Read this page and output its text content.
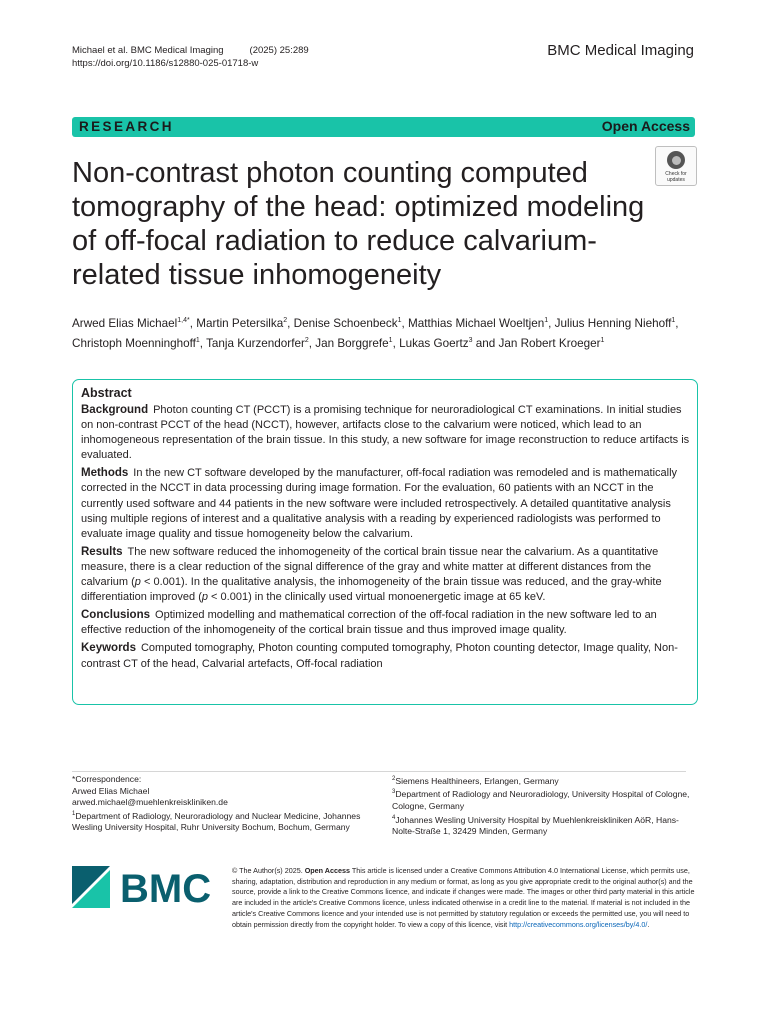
Michael et al. BMC Medical Imaging	(2025) 25:289
https://doi.org/10.1186/s12880-025-01718-w
BMC Medical Imaging
RESEARCH	Open Access
Check for
updates
Non-contrast photon counting computed tomography of the head: optimized modeling of off-focal radiation to reduce calvarium-related tissue inhomogeneity
Arwed Elias Michael$^{1,4*}$, Martin Petersilka$^2$, Denise Schoenbeck$^1$, Matthias Michael Woeltjen$^1$, Julius Henning Niehoff$^1$, Christoph Moenninghoff$^1$, Tanja Kurzendorfer$^2$, Jan Borggrefe$^1$, Lukas Goertz$^3$ and Jan Robert Kroeger$^1$
Abstract

Background Photon counting CT (PCCT) is a promising technique for neuroradiological CT examinations. In initial studies on non-contrast PCCT of the head (NCCT), however, artifacts close to the calvarium were noticed, which lead to an inhomogeneous representation of the brain tissue. In this study, a new software for image reconstruction to reduce artifacts is evaluated.

Methods In the new CT software developed by the manufacturer, off-focal radiation was remodeled and is mathematically corrected in the NCCT in data processing during image formation. For the evaluation, 60 patients with an NCCT in the currently used software and 44 patients in the new software were included retrospectively. A detailed quantitative analysis using multiple regions of interest and a qualitative analysis with a reading by experienced radiologists was performed to evaluate image quality and tissue homogeneity below the calvarium.

Results The new software reduced the inhomogeneity of the cortical brain tissue near the calvarium. As a quantitative measure, there is a clear reduction of the signal difference of the gray and white matter at different distances from the calvarium (p < 0.001). In the qualitative analysis, the inhomogeneity of the brain tissue was reduced, and the gray-white differentiation improved (p < 0.001) in the clinically used virtual monoenergetic image at 65 keV.

Conclusions Optimized modelling and mathematical correction of the off-focal radiation in the new software led to an effective reduction of the inhomogeneity of the cortical brain tissue and thus improved image quality.

Keywords Computed tomography, Photon counting computed tomography, Photon counting detector, Image quality, Non-contrast CT of the head, Calvarial artefacts, Off-focal radiation

*Correspondence:
Arwed Elias Michael
arwed.michael@muehlenkreiskliniken.de
$^1$Department of Radiology, Neuroradiology and Nuclear Medicine, Johannes Wesling University Hospital, Ruhr University Bochum, Bochum, Germany
$^2$Siemens Healthineers, Erlangen, Germany
$^3$Department of Radiology and Neuroradiology, University Hospital of Cologne, Cologne, Germany
$^4$Johannes Wesling University Hospital by Muehlenkreiskliniken AöR, Hans-Nolte-Straße 1, 32429 Minden, Germany
BMC	© The Author(s) 2025. Open Access This article is licensed under a Creative Commons Attribution 4.0 International License, which permits use, sharing, adaptation, distribution and reproduction in any medium or format, as long as you give appropriate credit to the original author(s) and the source, provide a link to the Creative Commons licence, and indicate if changes were made. The images or other third party material in this article are included in the article's Creative Commons licence, unless indicated otherwise in a credit line to the material. If material is not included in the article's Creative Commons licence and your intended use is not permitted by statutory regulation or exceeds the permitted use, you will need to obtain permission directly from the copyright holder. To view a copy of this licence, visit http://creativecommons.org/licenses/by/4.0/.
